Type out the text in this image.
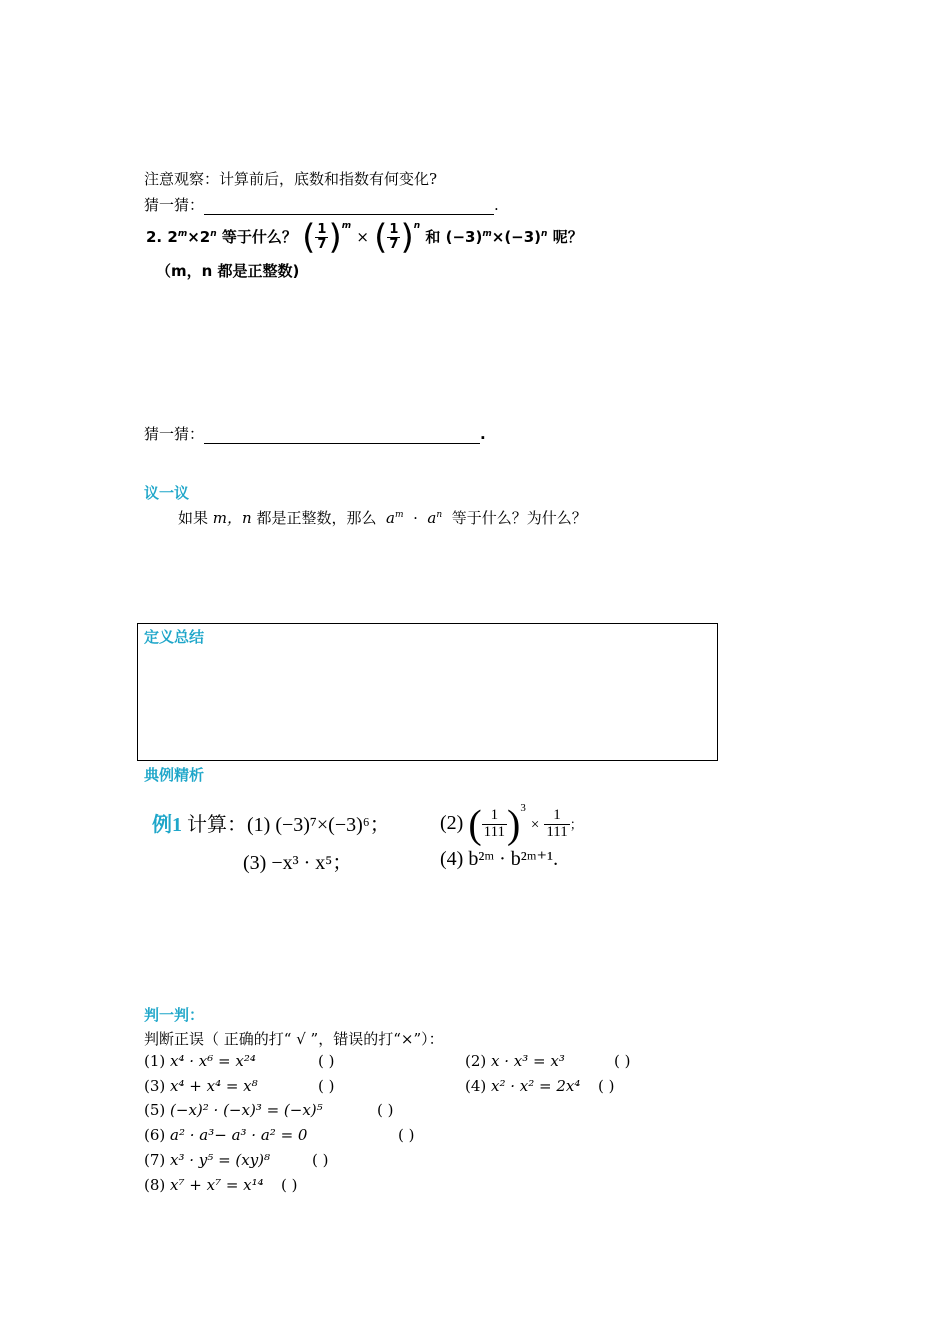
注意观察：计算前后，底数和指数有何变化?
猜一猜：	.
2. $2^m\times 2^n$ 等于什么？ ( $\frac{1}{7} )^m$ × ( $\frac{1}{7} )^n$ 和 $(-3)^m\times(-3)^n$ 呢？
（m，n 都是正整数)
猜一猜：	.
议一议
如果 m，n 都是正整数，那么 $a^m \cdot a^n$ 等于什么？为什么？
定义总结
典例精析
例1 计算：(1) (−3)⁷×(−3)⁶；	(2) ( $\frac{1}{111} )^3 \times \frac{1}{111}$ ；
(3) −x³ · x⁵；	(4) b²ᵐ · b²ᵐ⁺¹.
判一判：
判断正误（ 正确的打“ √ ”，错误的打“×”）：
(1) x⁴ · x⁶ = x²⁴	( )	(2) x · x³ = x³	( )
(3) x⁴ + x⁴ = x⁸	( )	(4) x² · x² = 2x⁴ ( )
(5) (−x)² · (−x)³ = (−x)⁵	( )
(6) a² · a³− a³ · a² = 0	( )
(7) x³ · y⁵ = (xy)⁸	( )
(8) x⁷ + x⁷ = x¹⁴ ( )
